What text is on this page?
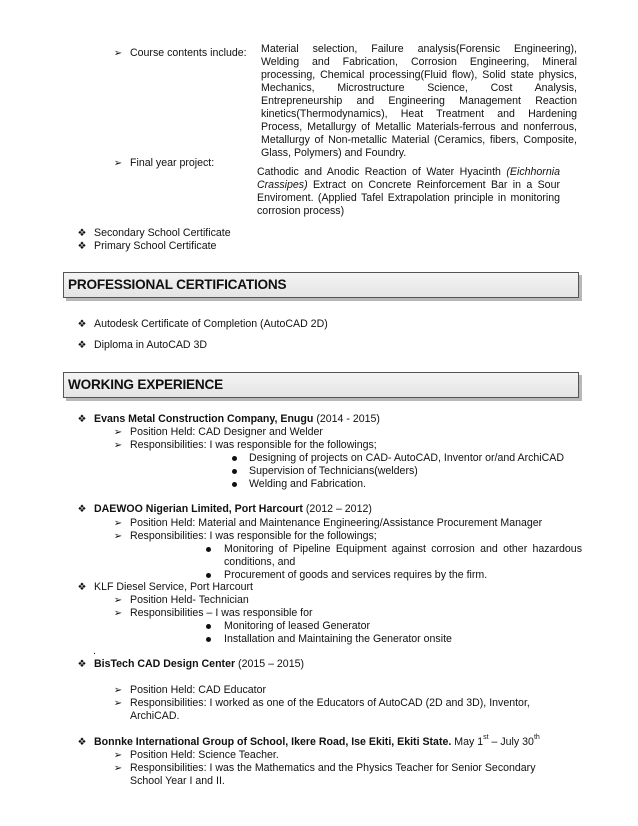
➢ Course contents include: Material selection, Failure analysis(Forensic Engineering),
Welding and Fabrication, Corrosion Engineering, Mineral
processing, Chemical processing(Fluid flow), Solid state physics,
Mechanics, Microstructure Science, Cost Analysis,
Entrepreneurship and Engineering Management Reaction
kinetics(Thermodynamics), Heat Treatment and Hardening
Process, Metallurgy of Metallic Materials-ferrous and nonferrous,
Metallurgy of Non-metallic Material (Ceramics, fibers, Composite,
Glass, Polymers) and Foundry.
➢ Final year project:
Cathodic and Anodic Reaction of Water Hyacinth (Eichhornia
Crassipes) Extract on Concrete Reinforcement Bar in a Sour
Enviroment. (Applied Tafel Extrapolation principle in monitoring
corrosion process)
❖ Secondary School Certificate
❖ Primary School Certificate
PROFESSIONAL CERTIFICATIONS
❖ Autodesk Certificate of Completion (AutoCAD 2D)
❖ Diploma in AutoCAD 3D
WORKING EXPERIENCE
❖ Evans Metal Construction Company, Enugu (2014 - 2015)
➢ Position Held: CAD Designer and Welder
➢ Responsibilities: I was responsible for the followings;
Designing of projects on CAD- AutoCAD, Inventor or/and ArchiCAD
Supervision of Technicians(welders)
Welding and Fabrication.
❖ DAEWOO Nigerian Limited, Port Harcourt (2012 – 2012)
➢ Position Held: Material and Maintenance Engineering/Assistance Procurement Manager
➢ Responsibilities: I was responsible for the followings;
Monitoring of Pipeline Equipment against corrosion and other hazardous
conditions, and
Procurement of goods and services requires by the firm.
❖ KLF Diesel Service, Port Harcourt
➢ Position Held- Technician
➢ Responsibilities – I was responsible for
Monitoring of leased Generator
Installation and Maintaining the Generator onsite
.
❖ BisTech CAD Design Center (2015 – 2015)
➢ Position Held: CAD Educator
➢ Responsibilities: I worked as one of the Educators of AutoCAD (2D and 3D), Inventor,
ArchiCAD.
❖ Bonnke International Group of School, Ikere Road, Ise Ekiti, Ekiti State. May 1st – July 30th
➢ Position Held: Science Teacher.
➢ Responsibilities: I was the Mathematics and the Physics Teacher for Senior Secondary
School Year I and II.
